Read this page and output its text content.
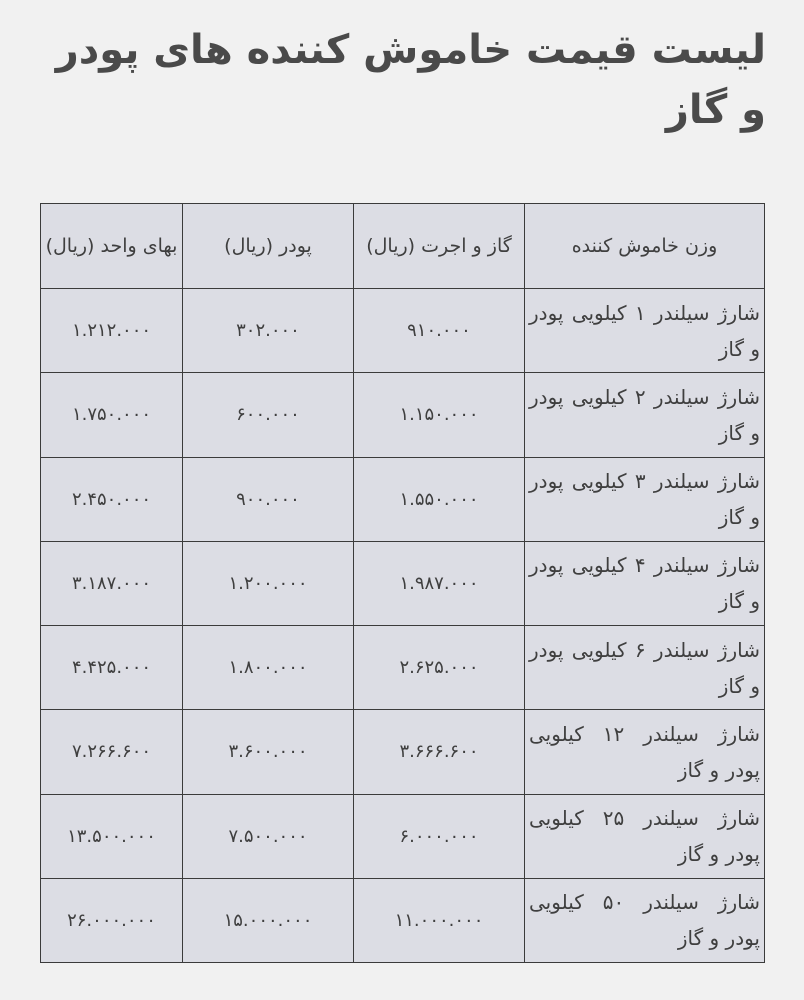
لیست قیمت خاموش کننده های پودر و گاز
وزن خاموش کننده	گاز و اجرت (ریال)	پودر (ریال)	بهای واحد (ریال)
شارژ سیلندر ۱ کیلویی پودر و گاز	۹۱۰.۰۰۰	۳۰۲.۰۰۰	۱.۲۱۲.۰۰۰
شارژ سیلندر ۲ کیلویی پودر و گاز	۱.۱۵۰.۰۰۰	۶۰۰.۰۰۰	۱.۷۵۰.۰۰۰
شارژ سیلندر ۳ کیلویی پودر و گاز	۱.۵۵۰.۰۰۰	۹۰۰.۰۰۰	۲.۴۵۰.۰۰۰
شارژ سیلندر ۴ کیلویی پودر و گاز	۱.۹۸۷.۰۰۰	۱.۲۰۰.۰۰۰	۳.۱۸۷.۰۰۰
شارژ سیلندر ۶ کیلویی پودر و گاز	۲.۶۲۵.۰۰۰	۱.۸۰۰.۰۰۰	۴.۴۲۵.۰۰۰
شارژ سیلندر ۱۲ کیلویی پودر و گاز	۳.۶۶۶.۶۰۰	۳.۶۰۰.۰۰۰	۷.۲۶۶.۶۰۰
شارژ سیلندر ۲۵ کیلویی پودر و گاز	۶.۰۰۰.۰۰۰	۷.۵۰۰.۰۰۰	۱۳.۵۰۰.۰۰۰
شارژ سیلندر ۵۰ کیلویی پودر و گاز	۱۱.۰۰۰.۰۰۰	۱۵.۰۰۰.۰۰۰	۲۶.۰۰۰.۰۰۰
